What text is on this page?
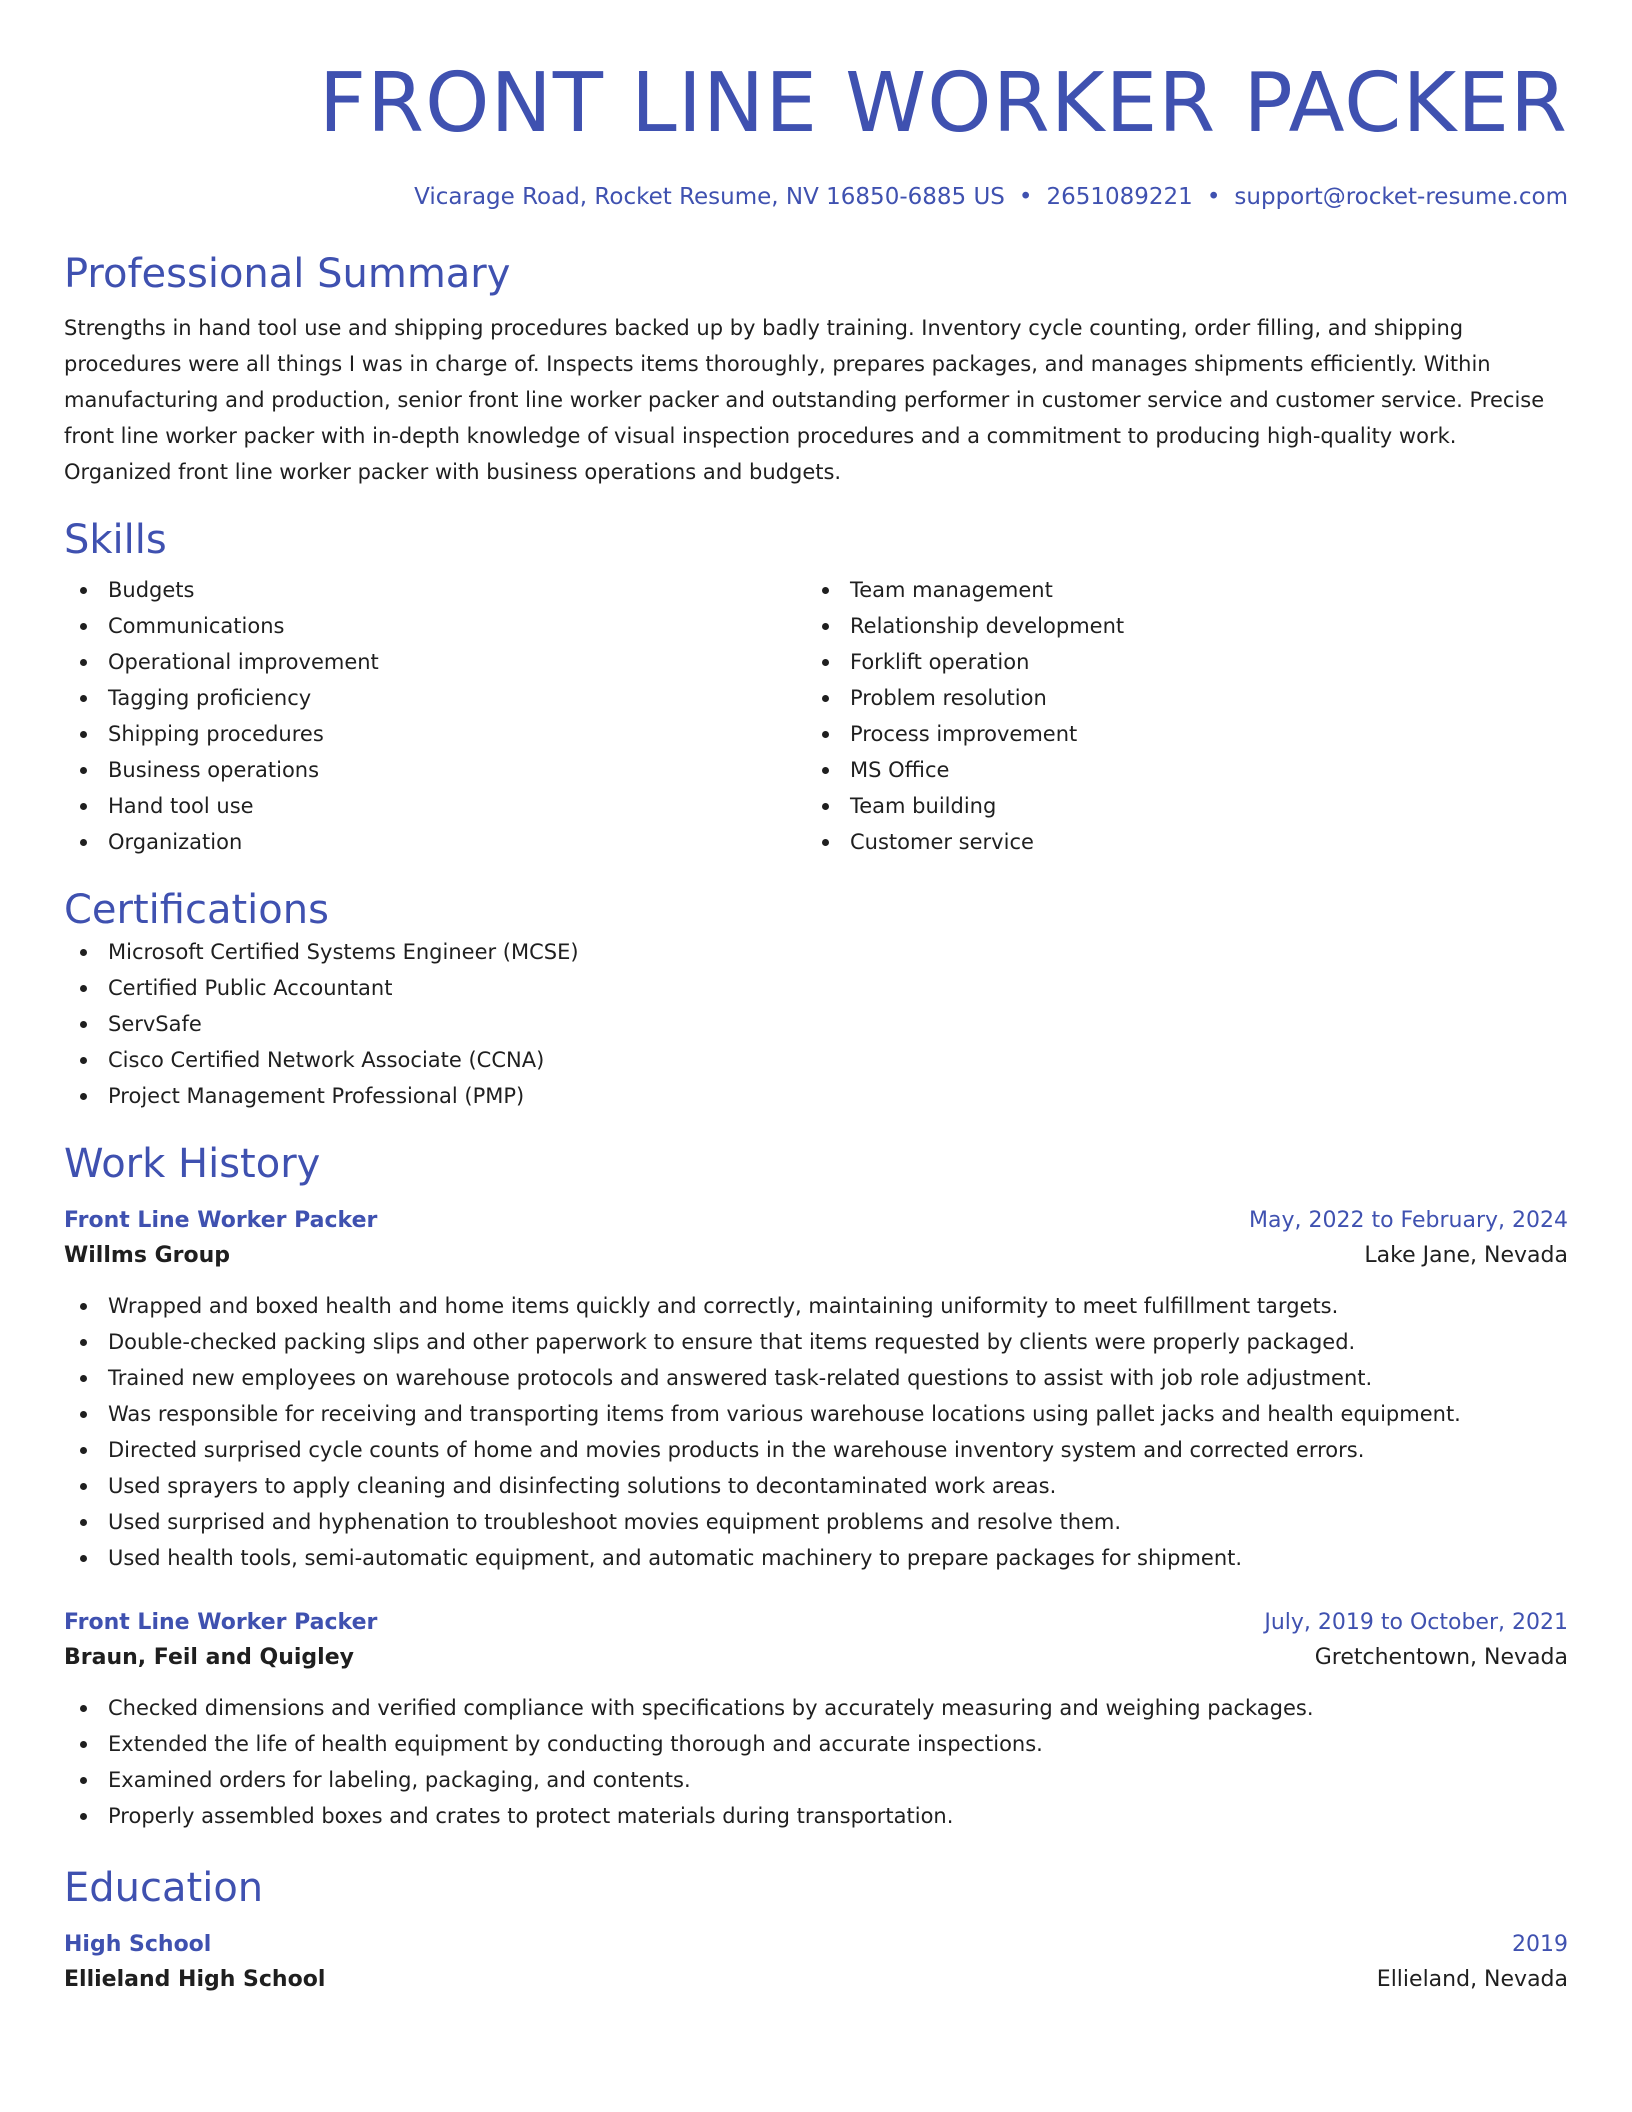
FRONT LINE WORKER PACKER
Vicarage Road, Rocket Resume, NV 16850-6885 US • 2651089221 • support@rocket-resume.com
Professional Summary
Strengths in hand tool use and shipping procedures backed up by badly training. Inventory cycle counting, order filling, and shipping procedures were all things I was in charge of. Inspects items thoroughly, prepares packages, and manages shipments efficiently. Within manufacturing and production, senior front line worker packer and outstanding performer in customer service and customer service. Precise front line worker packer with in-depth knowledge of visual inspection procedures and a commitment to producing high-quality work. Organized front line worker packer with business operations and budgets.
Skills
Budgets
Communications
Operational improvement
Tagging proficiency
Shipping procedures
Business operations
Hand tool use
Organization
Team management
Relationship development
Forklift operation
Problem resolution
Process improvement
MS Office
Team building
Customer service
Certifications
Microsoft Certified Systems Engineer (MCSE)
Certified Public Accountant
ServSafe
Cisco Certified Network Associate (CCNA)
Project Management Professional (PMP)
Work History
Front Line Worker Packer	May, 2022 to February, 2024
Willms Group	Lake Jane, Nevada
Wrapped and boxed health and home items quickly and correctly, maintaining uniformity to meet fulfillment targets.
Double-checked packing slips and other paperwork to ensure that items requested by clients were properly packaged.
Trained new employees on warehouse protocols and answered task-related questions to assist with job role adjustment.
Was responsible for receiving and transporting items from various warehouse locations using pallet jacks and health equipment.
Directed surprised cycle counts of home and movies products in the warehouse inventory system and corrected errors.
Used sprayers to apply cleaning and disinfecting solutions to decontaminated work areas.
Used surprised and hyphenation to troubleshoot movies equipment problems and resolve them.
Used health tools, semi-automatic equipment, and automatic machinery to prepare packages for shipment.
Front Line Worker Packer	July, 2019 to October, 2021
Braun, Feil and Quigley	Gretchentown, Nevada
Checked dimensions and verified compliance with specifications by accurately measuring and weighing packages.
Extended the life of health equipment by conducting thorough and accurate inspections.
Examined orders for labeling, packaging, and contents.
Properly assembled boxes and crates to protect materials during transportation.
Education
High School	2019
Ellieland High School	Ellieland, Nevada
